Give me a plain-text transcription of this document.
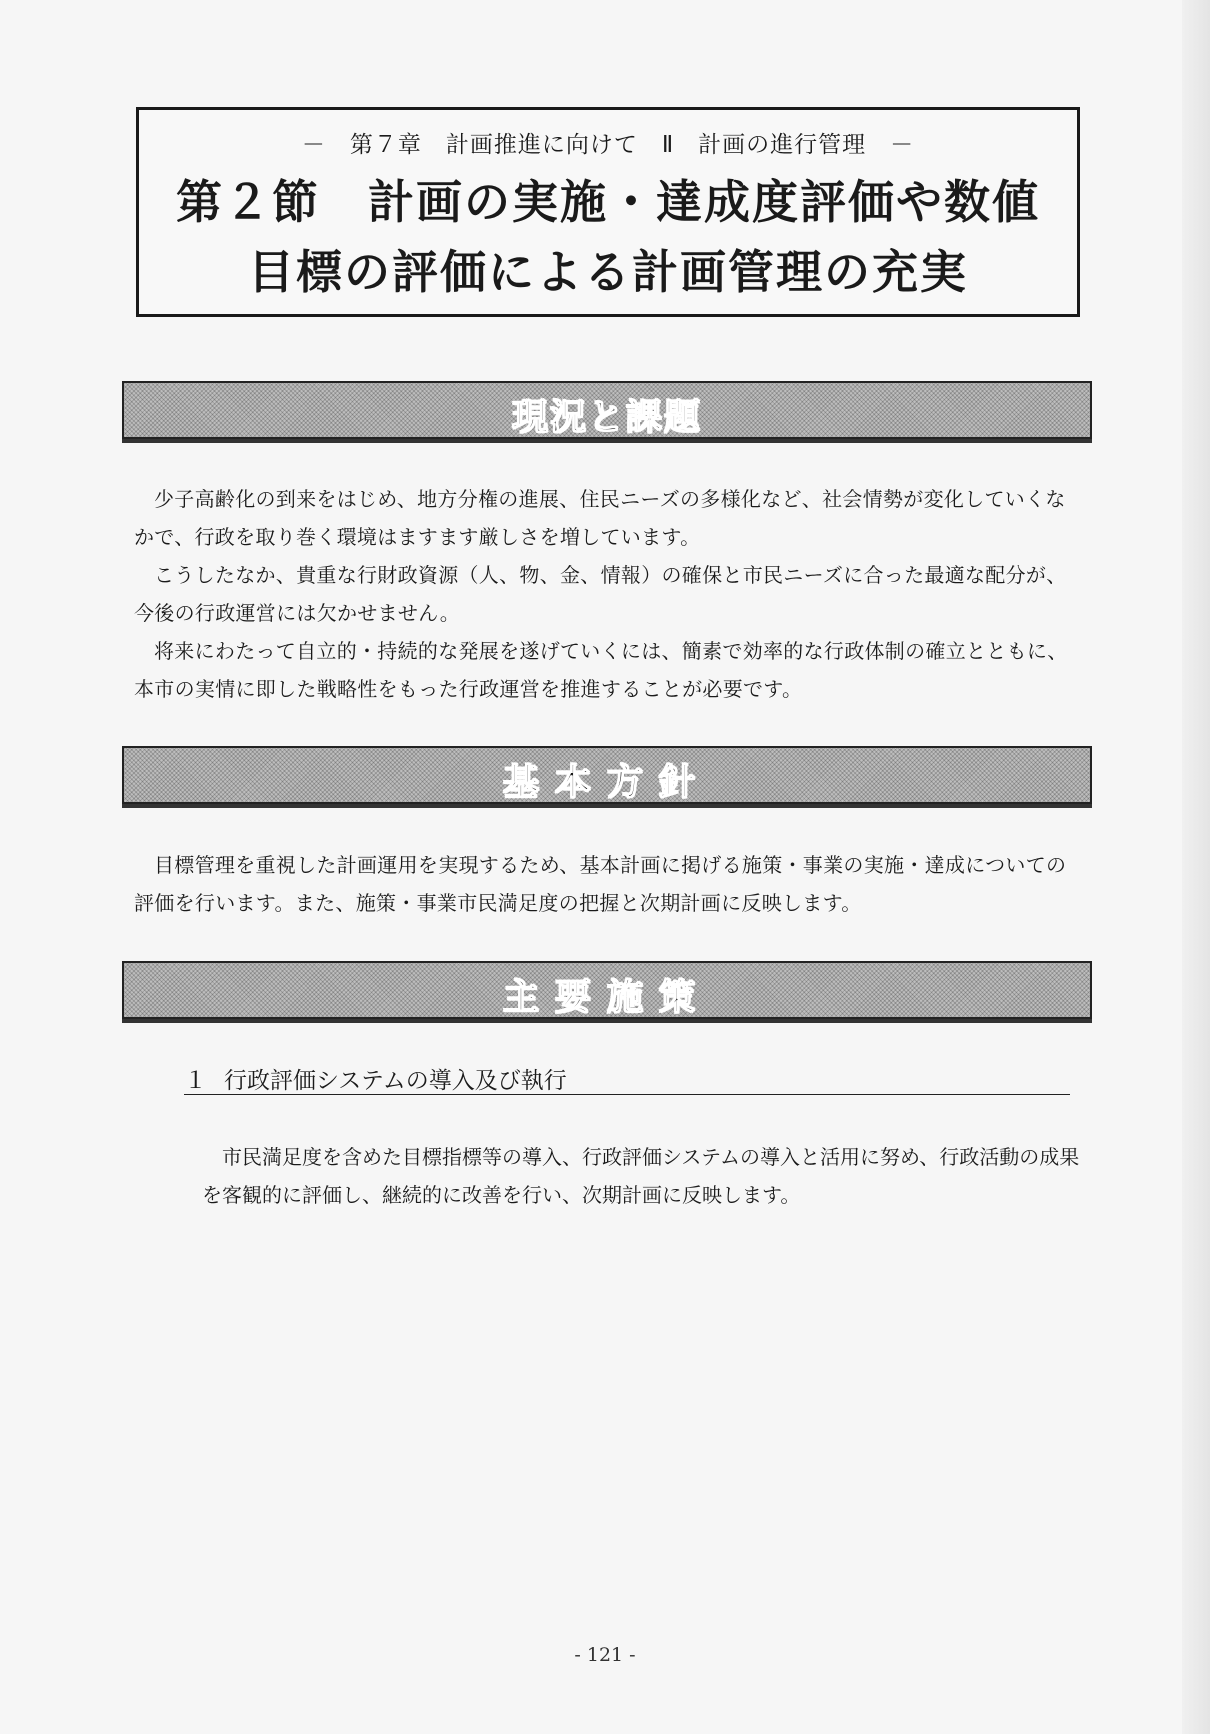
－　第７章　計画推進に向けて　Ⅱ　計画の進行管理　－
第２節　計画の実施・達成度評価や数値
目標の評価による計画管理の充実
現況と課題

少子高齢化の到来をはじめ、地方分権の進展、住民ニーズの多様化など、社会情勢が変化していくなかで、行政を取り巻く環境はますます厳しさを増しています。

こうしたなか、貴重な行財政資源（人、物、金、情報）の確保と市民ニーズに合った最適な配分が、今後の行政運営には欠かせません。

将来にわたって自立的・持続的な発展を遂げていくには、簡素で効率的な行政体制の確立とともに、本市の実情に即した戦略性をもった行政運営を推進することが必要です。

基本方針

目標管理を重視した計画運用を実現するため、基本計画に掲げる施策・事業の実施・達成についての評価を行います。また、施策・事業市民満足度の把握と次期計画に反映します。

主要施策
１ 行政評価システムの導入及び執行

市民満足度を含めた目標指標等の導入、行政評価システムの導入と活用に努め、行政活動の成果を客観的に評価し、継続的に改善を行い、次期計画に反映します。

- 121 -
